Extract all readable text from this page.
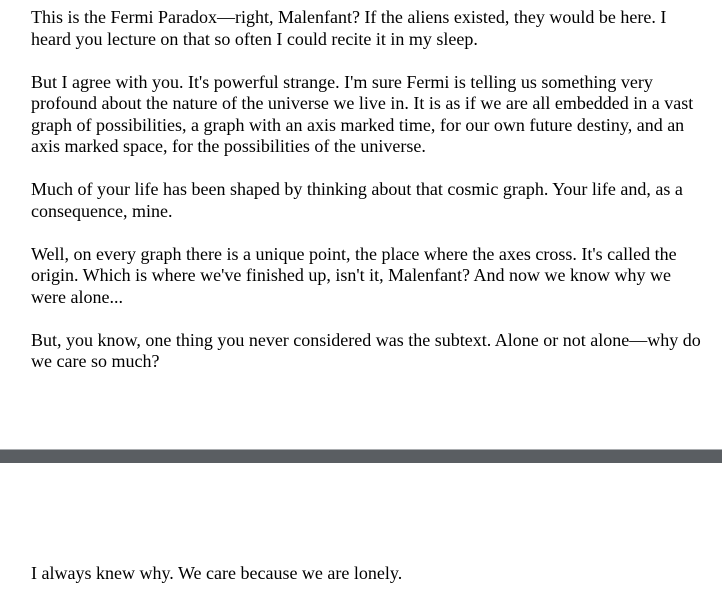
This is the Fermi Paradox—right, Malenfant? If the aliens existed, they would be here. I heard you lecture on that so often I could recite it in my sleep.

But I agree with you. It's powerful strange. I'm sure Fermi is telling us something very profound about the nature of the universe we live in. It is as if we are all embedded in a vast graph of possibilities, a graph with an axis marked time, for our own future destiny, and an axis marked space, for the possibilities of the universe.

Much of your life has been shaped by thinking about that cosmic graph. Your life and, as a consequence, mine.

Well, on every graph there is a unique point, the place where the axes cross. It's called the origin. Which is where we've finished up, isn't it, Malenfant? And now we know why we were alone...

But, you know, one thing you never considered was the subtext. Alone or not alone—why do we care so much?

I always knew why. We care because we are lonely.
